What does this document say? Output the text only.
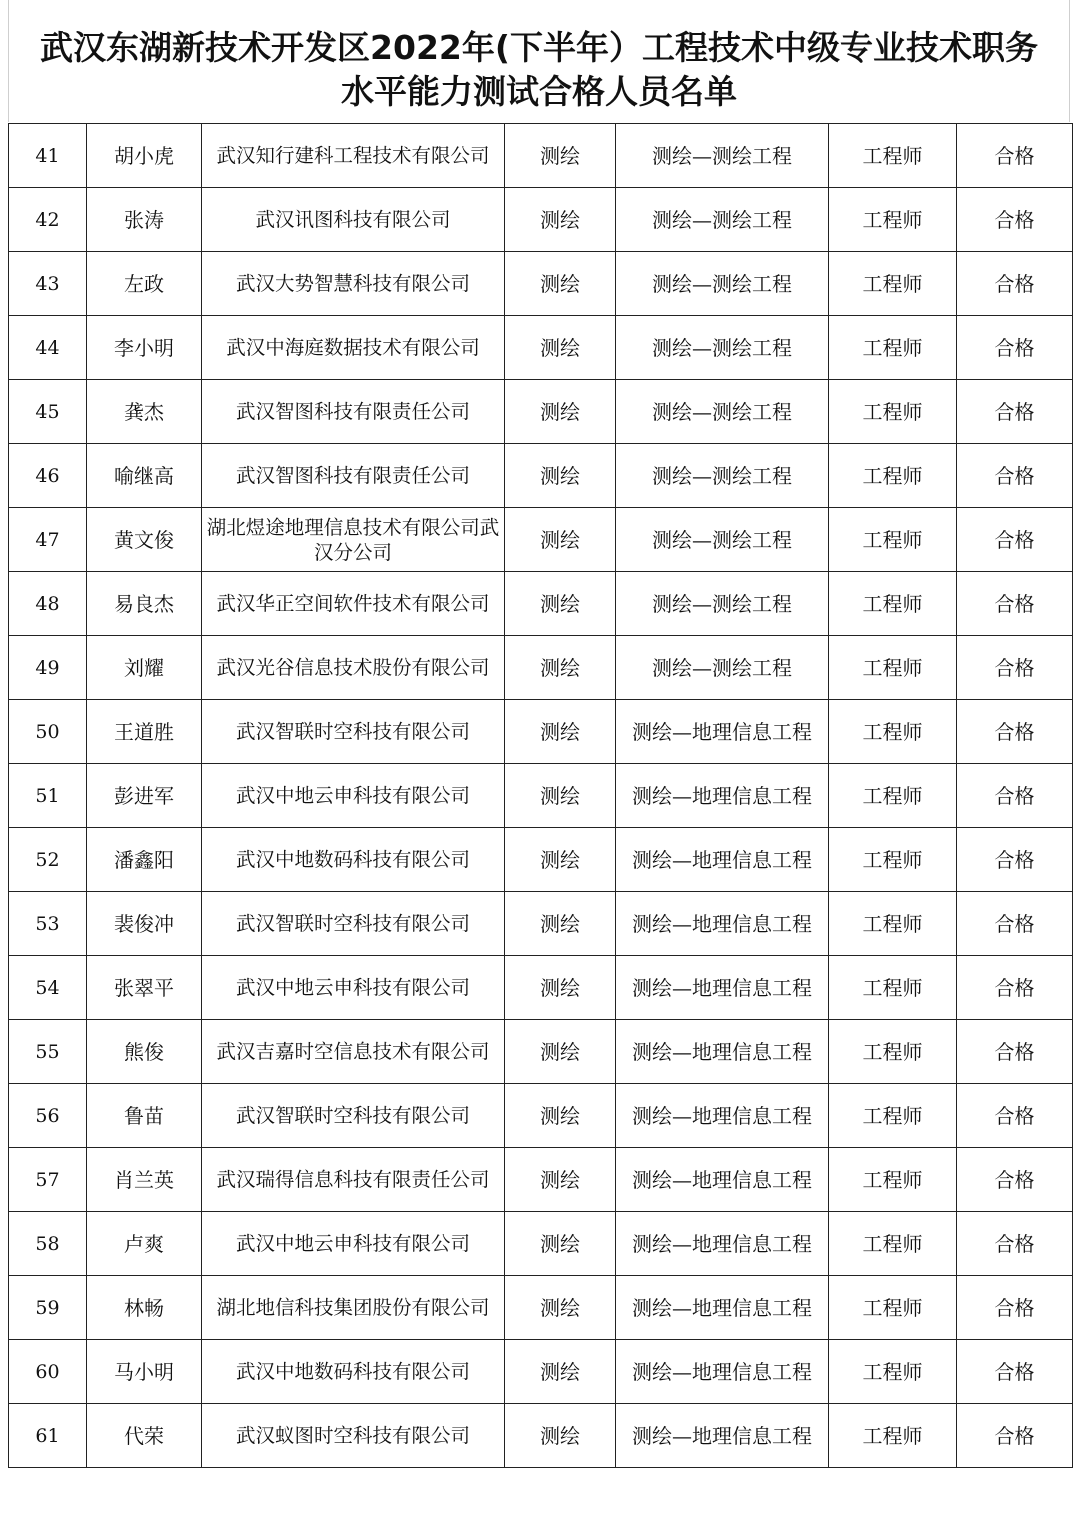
武汉东湖新技术开发区2022年(下半年）工程技术中级专业技术职务
水平能力测试合格人员名单
41	胡小虎	武汉知行建科工程技术有限公司	测绘	测绘—测绘工程	工程师	合格
42	张涛	武汉讯图科技有限公司	测绘	测绘—测绘工程	工程师	合格
43	左政	武汉大势智慧科技有限公司	测绘	测绘—测绘工程	工程师	合格
44	李小明	武汉中海庭数据技术有限公司	测绘	测绘—测绘工程	工程师	合格
45	龚杰	武汉智图科技有限责任公司	测绘	测绘—测绘工程	工程师	合格
46	喻继高	武汉智图科技有限责任公司	测绘	测绘—测绘工程	工程师	合格
47	黄文俊	湖北煜途地理信息技术有限公司武汉分公司	测绘	测绘—测绘工程	工程师	合格
48	易良杰	武汉华正空间软件技术有限公司	测绘	测绘—测绘工程	工程师	合格
49	刘耀	武汉光谷信息技术股份有限公司	测绘	测绘—测绘工程	工程师	合格
50	王道胜	武汉智联时空科技有限公司	测绘	测绘—地理信息工程	工程师	合格
51	彭进军	武汉中地云申科技有限公司	测绘	测绘—地理信息工程	工程师	合格
52	潘鑫阳	武汉中地数码科技有限公司	测绘	测绘—地理信息工程	工程师	合格
53	裴俊冲	武汉智联时空科技有限公司	测绘	测绘—地理信息工程	工程师	合格
54	张翠平	武汉中地云申科技有限公司	测绘	测绘—地理信息工程	工程师	合格
55	熊俊	武汉吉嘉时空信息技术有限公司	测绘	测绘—地理信息工程	工程师	合格
56	鲁苗	武汉智联时空科技有限公司	测绘	测绘—地理信息工程	工程师	合格
57	肖兰英	武汉瑞得信息科技有限责任公司	测绘	测绘—地理信息工程	工程师	合格
58	卢爽	武汉中地云申科技有限公司	测绘	测绘—地理信息工程	工程师	合格
59	林畅	湖北地信科技集团股份有限公司	测绘	测绘—地理信息工程	工程师	合格
60	马小明	武汉中地数码科技有限公司	测绘	测绘—地理信息工程	工程师	合格
61	代荣	武汉蚁图时空科技有限公司	测绘	测绘—地理信息工程	工程师	合格
